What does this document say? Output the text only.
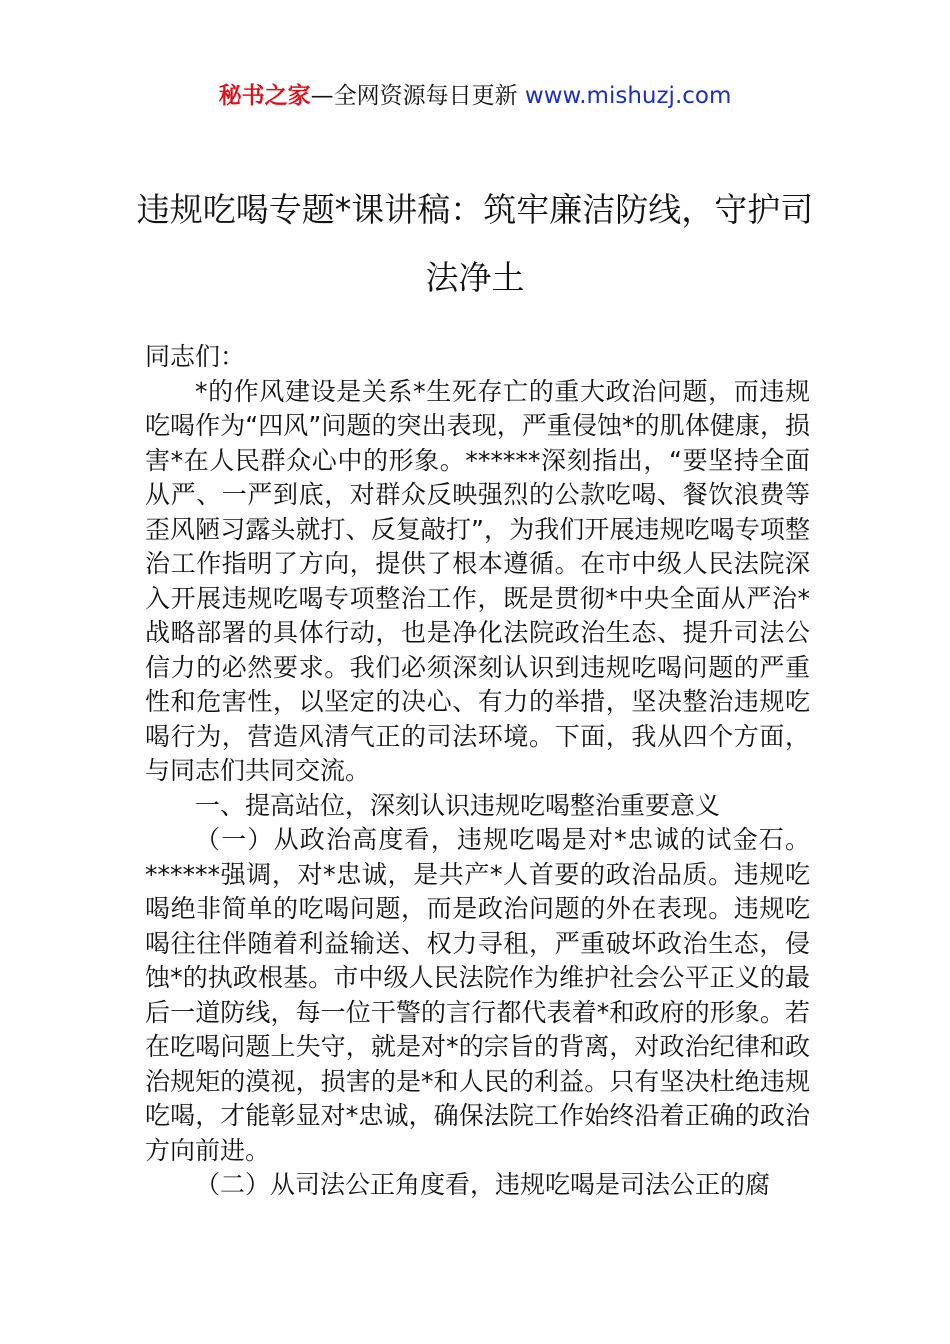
秘书之家—全网资源每日更新 www.mishuzj.com
违规吃喝专题*课讲稿：筑牢廉洁防线，守护司法净土

同志们：

*的作风建设是关系*生死存亡的重大政治问题，而违规吃喝作为“四风”问题的突出表现，严重侵蚀*的肌体健康，损害*在人民群众心中的形象。******深刻指出，“要坚持全面从严、一严到底，对群众反映强烈的公款吃喝、餐饮浪费等歪风陋习露头就打、反复敲打”，为我们开展违规吃喝专项整治工作指明了方向，提供了根本遵循。在市中级人民法院深入开展违规吃喝专项整治工作，既是贯彻*中央全面从严治*战略部署的具体行动，也是净化法院政治生态、提升司法公信力的必然要求。我们必须深刻认识到违规吃喝问题的严重性和危害性，以坚定的决心、有力的举措，坚决整治违规吃喝行为，营造风清气正的司法环境。下面，我从四个方面，与同志们共同交流。

一、提高站位，深刻认识违规吃喝整治重要意义

（一）从政治高度看，违规吃喝是对*忠诚的试金石。******强调，对*忠诚，是共产*人首要的政治品质。违规吃喝绝非简单的吃喝问题，而是政治问题的外在表现。违规吃喝往往伴随着利益输送、权力寻租，严重破坏政治生态，侵蚀*的执政根基。市中级人民法院作为维护社会公平正义的最后一道防线，每一位干警的言行都代表着*和政府的形象。若在吃喝问题上失守，就是对*的宗旨的背离，对政治纪律和政治规矩的漠视，损害的是*和人民的利益。只有坚决杜绝违规吃喝，才能彰显对*忠诚，确保法院工作始终沿着正确的政治方向前进。

（二）从司法公正角度看，违规吃喝是司法公正的腐
